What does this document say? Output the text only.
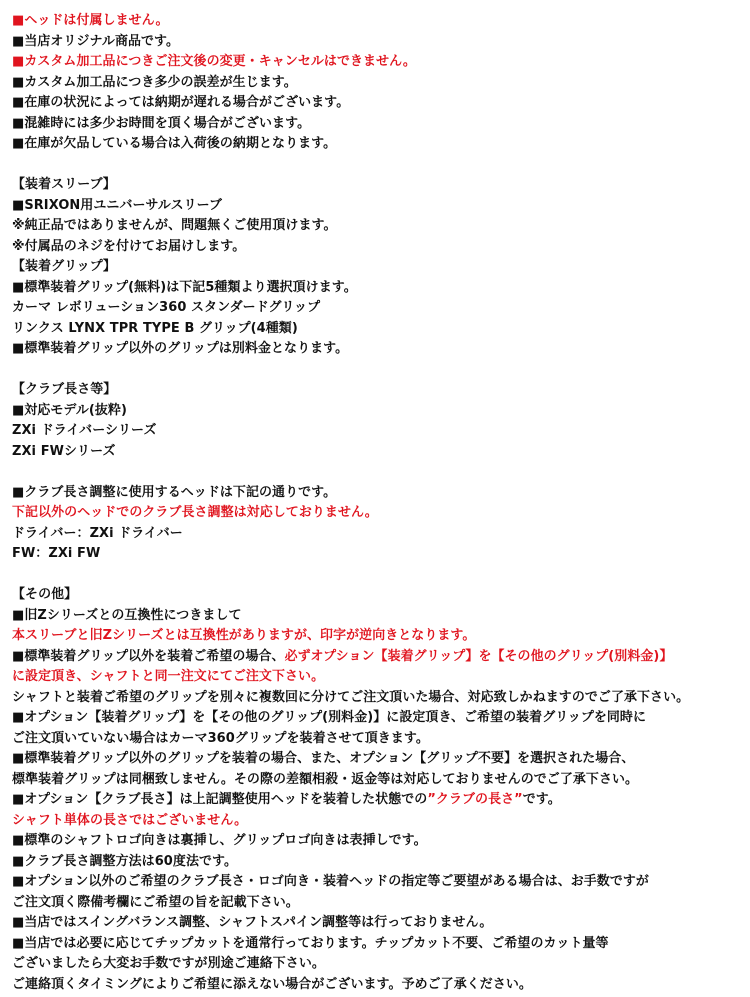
■ヘッドは付属しません。
■当店オリジナル商品です。
■カスタム加工品につきご注文後の変更・キャンセルはできません。
■カスタム加工品につき多少の誤差が生じます。
■在庫の状況によっては納期が遅れる場合がございます。
■混雑時には多少お時間を頂く場合がございます。
■在庫が欠品している場合は入荷後の納期となります。
【装着スリーブ】
■SRIXON用ユニバーサルスリーブ
※純正品ではありませんが、問題無くご使用頂けます。
※付属品のネジを付けてお届けします。
【装着グリップ】
■標準装着グリップ(無料)は下記5種類より選択頂けます。
カーマ レボリューション360 スタンダードグリップ
リンクス LYNX TPR TYPE B グリップ(4種類)
■標準装着グリップ以外のグリップは別料金となります。
【クラブ長さ等】
■対応モデル(抜粋)
ZXi ドライバーシリーズ
ZXi FWシリーズ
■クラブ長さ調整に使用するヘッドは下記の通りです。
下記以外のヘッドでのクラブ長さ調整は対応しておりません。
ドライバー：ZXi ドライバー
FW：ZXi FW
【その他】
■旧Zシリーズとの互換性につきまして
本スリーブと旧Zシリーズとは互換性がありますが、印字が逆向きとなります。
■標準装着グリップ以外を装着ご希望の場合、必ずオプション【装着グリップ】を【その他のグリップ(別料金)】
に設定頂き、シャフトと同一注文にてご注文下さい。
シャフトと装着ご希望のグリップを別々に複数回に分けてご注文頂いた場合、対応致しかねますのでご了承下さい。
■オプション【装着グリップ】を【その他のグリップ(別料金)】に設定頂き、ご希望の装着グリップを同時に
ご注文頂いていない場合はカーマ360グリップを装着させて頂きます。
■標準装着グリップ以外のグリップを装着の場合、また、オプション【グリップ不要】を選択された場合、
標準装着グリップは同梱致しません。その際の差額相殺・返金等は対応しておりませんのでご了承下さい。
■オプション【クラブ長さ】は上記調整使用ヘッドを装着した状態での”クラブの長さ”です。
シャフト単体の長さではございません。
■標準のシャフトロゴ向きは裏挿し、グリップロゴ向きは表挿しです。
■クラブ長さ調整方法は60度法です。
■オプション以外のご希望のクラブ長さ・ロゴ向き・装着ヘッドの指定等ご要望がある場合は、お手数ですが
ご注文頂く際備考欄にご希望の旨を記載下さい。
■当店ではスイングバランス調整、シャフトスパイン調整等は行っておりません。
■当店では必要に応じてチップカットを通常行っております。チップカット不要、ご希望のカット量等
ございましたら大変お手数ですが別途ご連絡下さい。
ご連絡頂くタイミングによりご希望に添えない場合がございます。予めご了承ください。
